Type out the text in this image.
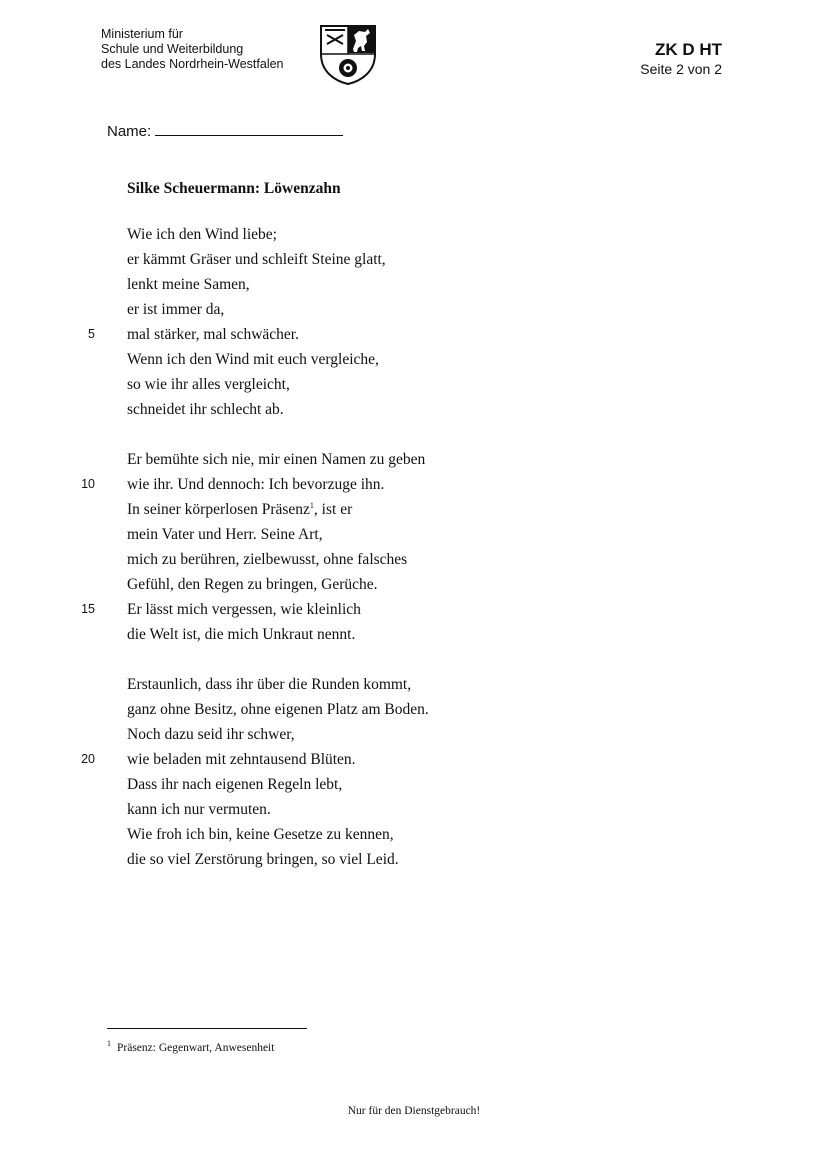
Ministerium für
Schule und Weiterbildung
des Landes Nordrhein-Westfalen
ZK D HT
Seite 2 von 2
Name:
Silke Scheuermann: Löwenzahn
Wie ich den Wind liebe;
er kämmt Gräser und schleift Steine glatt,
lenkt meine Samen,
er ist immer da,
5 mal stärker, mal schwächer.
Wenn ich den Wind mit euch vergleiche,
so wie ihr alles vergleicht,
schneidet ihr schlecht ab.
Er bemühte sich nie, mir einen Namen zu geben
10 wie ihr. Und dennoch: Ich bevorzuge ihn.
In seiner körperlosen Präsenz$^1$, ist er
mein Vater und Herr. Seine Art,
mich zu berühren, zielbewusst, ohne falsches
Gefühl, den Regen zu bringen, Gerüche.
15 Er lässt mich vergessen, wie kleinlich
die Welt ist, die mich Unkraut nennt.
Erstaunlich, dass ihr über die Runden kommt,
ganz ohne Besitz, ohne eigenen Platz am Boden.
Noch dazu seid ihr schwer,
20 wie beladen mit zehntausend Blüten.
Dass ihr nach eigenen Regeln lebt,
kann ich nur vermuten.
Wie froh ich bin, keine Gesetze zu kennen,
die so viel Zerstörung bringen, so viel Leid.
$^1$ Präsenz: Gegenwart, Anwesenheit
Nur für den Dienstgebrauch!
